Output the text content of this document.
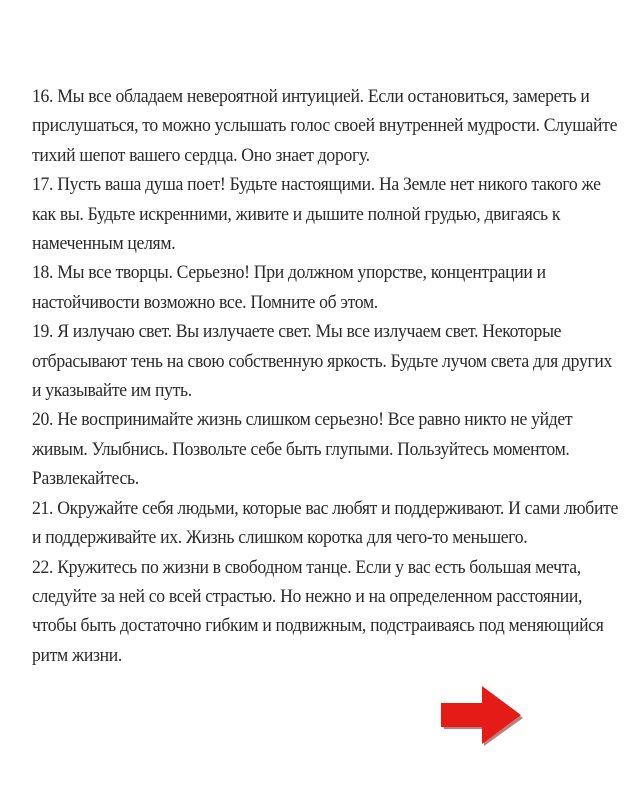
16. Мы все обладаем невероятной интуицией. Если остановиться, замереть и
прислушаться, то можно услышать голос своей внутренней мудрости. Слушайте
тихий шепот вашего сердца. Оно знает дорогу.

17. Пусть ваша душа поет! Будьте настоящими. На Земле нет никого такого же
как вы. Будьте искренними, живите и дышите полной грудью, двигаясь к
намеченным целям.

18. Мы все творцы. Серьезно! При должном упорстве, концентрации и
настойчивости возможно все. Помните об этом.

19. Я излучаю свет. Вы излучаете свет. Мы все излучаем свет. Некоторые
отбрасывают тень на свою собственную яркость. Будьте лучом света для других
и указывайте им путь.

20. Не воспринимайте жизнь слишком серьезно! Все равно никто не уйдет
живым. Улыбнись. Позвольте себе быть глупыми. Пользуйтесь моментом.
Развлекайтесь.

21. Окружайте себя людьми, которые вас любят и поддерживают. И сами любите
и поддерживайте их. Жизнь слишком коротка для чего-то меньшего.

22. Кружитесь по жизни в свободном танце. Если у вас есть большая мечта,
следуйте за ней со всей страстью. Но нежно и на определенном расстоянии,
чтобы быть достаточно гибким и подвижным, подстраиваясь под меняющийся
ритм жизни.
